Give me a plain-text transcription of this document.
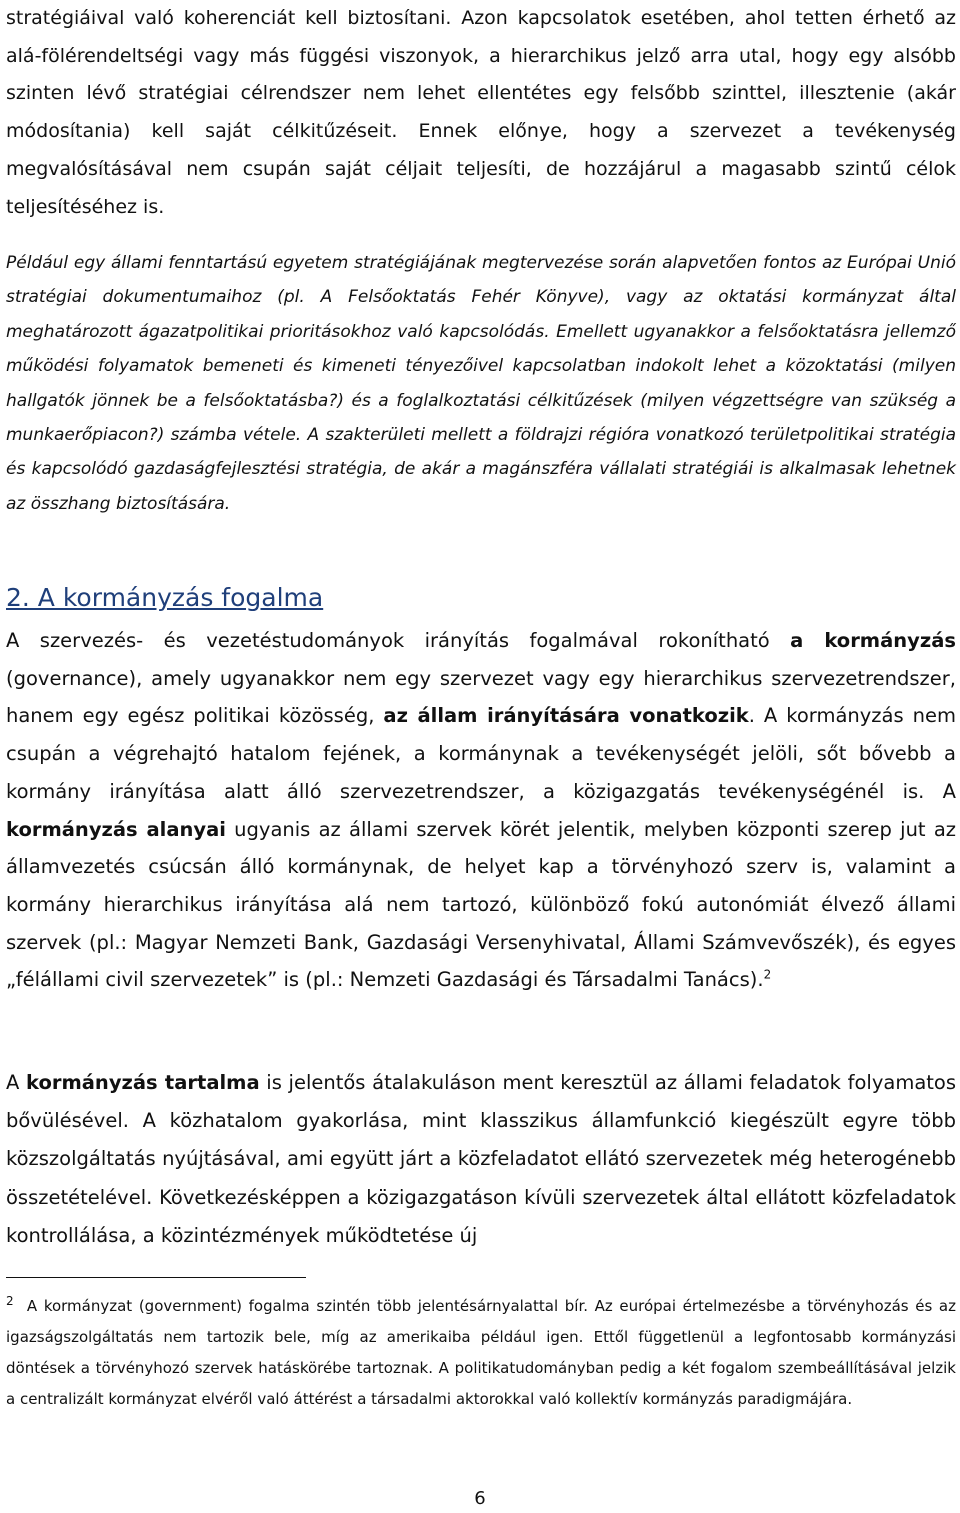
stratégiáival való koherenciát kell biztosítani. Azon kapcsolatok esetében, ahol tetten érhető az alá-fölérendeltségi vagy más függési viszonyok, a hierarchikus jelző arra utal, hogy egy alsóbb szinten lévő stratégiai célrendszer nem lehet ellentétes egy felsőbb szinttel, illesztenie (akár módosítania) kell saját célkitűzéseit. Ennek előnye, hogy a szervezet a tevékenység megvalósításával nem csupán saját céljait teljesíti, de hozzájárul a magasabb szintű célok teljesítéséhez is.

Például egy állami fenntartású egyetem stratégiájának megtervezése során alapvetően fontos az Európai Unió stratégiai dokumentumaihoz (pl. A Felsőoktatás Fehér Könyve), vagy az oktatási kormányzat által meghatározott ágazatpolitikai prioritásokhoz való kapcsolódás. Emellett ugyanakkor a felsőoktatásra jellemző működési folyamatok bemeneti és kimeneti tényezőivel kapcsolatban indokolt lehet a közoktatási (milyen hallgatók jönnek be a felsőoktatásba?) és a foglalkoztatási célkitűzések (milyen végzettségre van szükség a munkaerőpiacon?) számba vétele. A szakterületi mellett a földrajzi régióra vonatkozó területpolitikai stratégia és kapcsolódó gazdaságfejlesztési stratégia, de akár a magánszféra vállalati stratégiái is alkalmasak lehetnek az összhang biztosítására.

2. A kormányzás fogalma

A szervezés- és vezetéstudományok irányítás fogalmával rokonítható a kormányzás (governance), amely ugyanakkor nem egy szervezet vagy egy hierarchikus szervezetrendszer, hanem egy egész politikai közösség, az állam irányítására vonatkozik. A kormányzás nem csupán a végrehajtó hatalom fejének, a kormánynak a tevékenységét jelöli, sőt bővebb a kormány irányítása alatt álló szervezetrendszer, a közigazgatás tevékenységénél is. A kormányzás alanyai ugyanis az állami szervek körét jelentik, melyben központi szerep jut az államvezetés csúcsán álló kormánynak, de helyet kap a törvényhozó szerv is, valamint a kormány hierarchikus irányítása alá nem tartozó, különböző fokú autonómiát élvező állami szervek (pl.: Magyar Nemzeti Bank, Gazdasági Versenyhivatal, Állami Számvevőszék), és egyes „félállami civil szervezetek” is (pl.: Nemzeti Gazdasági és Társadalmi Tanács).$^2$

A kormányzás tartalma is jelentős átalakuláson ment keresztül az állami feladatok folyamatos bővülésével. A közhatalom gyakorlása, mint klasszikus államfunkció kiegészült egyre több közszolgáltatás nyújtásával, ami együtt járt a közfeladatot ellátó szervezetek még heterogénebb összetételével. Következésképpen a közigazgatáson kívüli szervezetek által ellátott közfeladatok kontrollálása, a közintézmények működtetése új

$^2$ A kormányzat (government) fogalma szintén több jelentésárnyalattal bír. Az európai értelmezésbe a törvényhozás és az igazságszolgáltatás nem tartozik bele, míg az amerikaiba például igen. Ettől függetlenül a legfontosabb kormányzási döntések a törvényhozó szervek hatáskörébe tartoznak. A politikatudományban pedig a két fogalom szembeállításával jelzik a centralizált kormányzat elvéről való áttérést a társadalmi aktorokkal való kollektív kormányzás paradigmájára.

6
